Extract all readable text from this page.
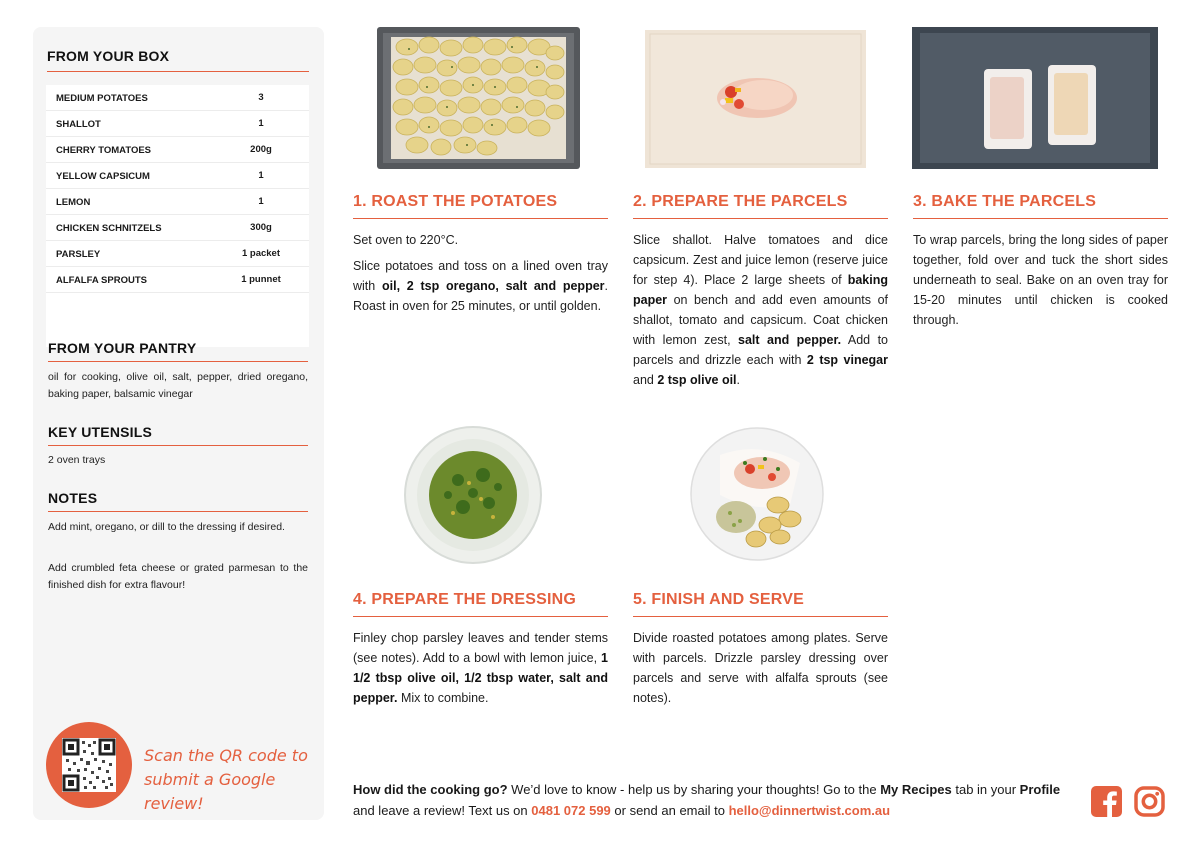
FROM YOUR BOX
MEDIUM POTATOES	3
SHALLOT	1
CHERRY TOMATOES	200g
YELLOW CAPSICUM	1
LEMON	1
CHICKEN SCHNITZELS	300g
PARSLEY	1 packet
ALFALFA SPROUTS	1 punnet
FROM YOUR PANTRY
oil for cooking, olive oil, salt, pepper, dried oregano, baking paper, balsamic vinegar
KEY UTENSILS
2 oven trays
NOTES
Add mint, oregano, or dill to the dressing if desired.
Add crumbled feta cheese or grated parmesan to the finished dish for extra flavour!
Scan the QR code to
submit a Google review!
1. ROAST THE POTATOES

Set oven to 220°C.

Slice potatoes and toss on a lined oven tray with oil, 2 tsp oregano, salt and pepper. Roast in oven for 25 minutes, or until golden.

2. PREPARE THE PARCELS

Slice shallot. Halve tomatoes and dice capsicum. Zest and juice lemon (reserve juice for step 4). Place 2 large sheets of baking paper on bench and add even amounts of shallot, tomato and capsicum. Coat chicken with lemon zest, salt and pepper. Add to parcels and drizzle each with 2 tsp vinegar and 2 tsp olive oil.

3. BAKE THE PARCELS

To wrap parcels, bring the long sides of paper together, fold over and tuck the short sides underneath to seal. Bake on an oven tray for 15-20 minutes until chicken is cooked through.

4. PREPARE THE DRESSING

Finley chop parsley leaves and tender stems (see notes). Add to a bowl with lemon juice, 1 1/2 tbsp olive oil, 1/2 tbsp water, salt and pepper. Mix to combine.

5. FINISH AND SERVE

Divide roasted potatoes among plates. Serve with parcels. Drizzle parsley dressing over parcels and serve with alfalfa sprouts (see notes).

How did the cooking go? We’d love to know - help us by sharing your thoughts! Go to the My Recipes tab in your Profile and leave a review! Text us on 0481 072 599 or send an email to hello@dinnertwist.com.au
